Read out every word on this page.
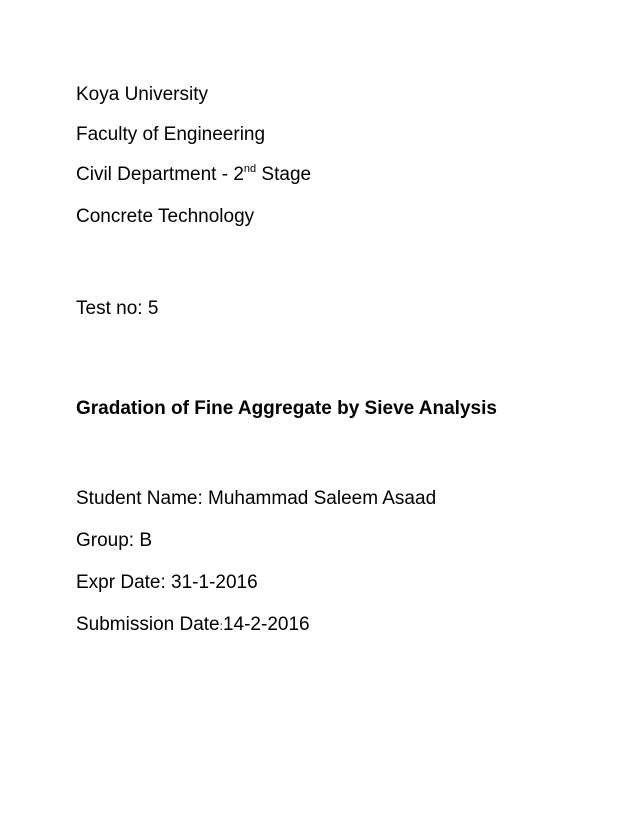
Koya University
Faculty of Engineering
Civil Department - 2nd Stage
Concrete Technology
Test no: 5
Gradation of Fine Aggregate by Sieve Analysis
Student Name: Muhammad Saleem Asaad
Group: B
Expr Date: 31-1-2016
Submission Date:14-2-2016
